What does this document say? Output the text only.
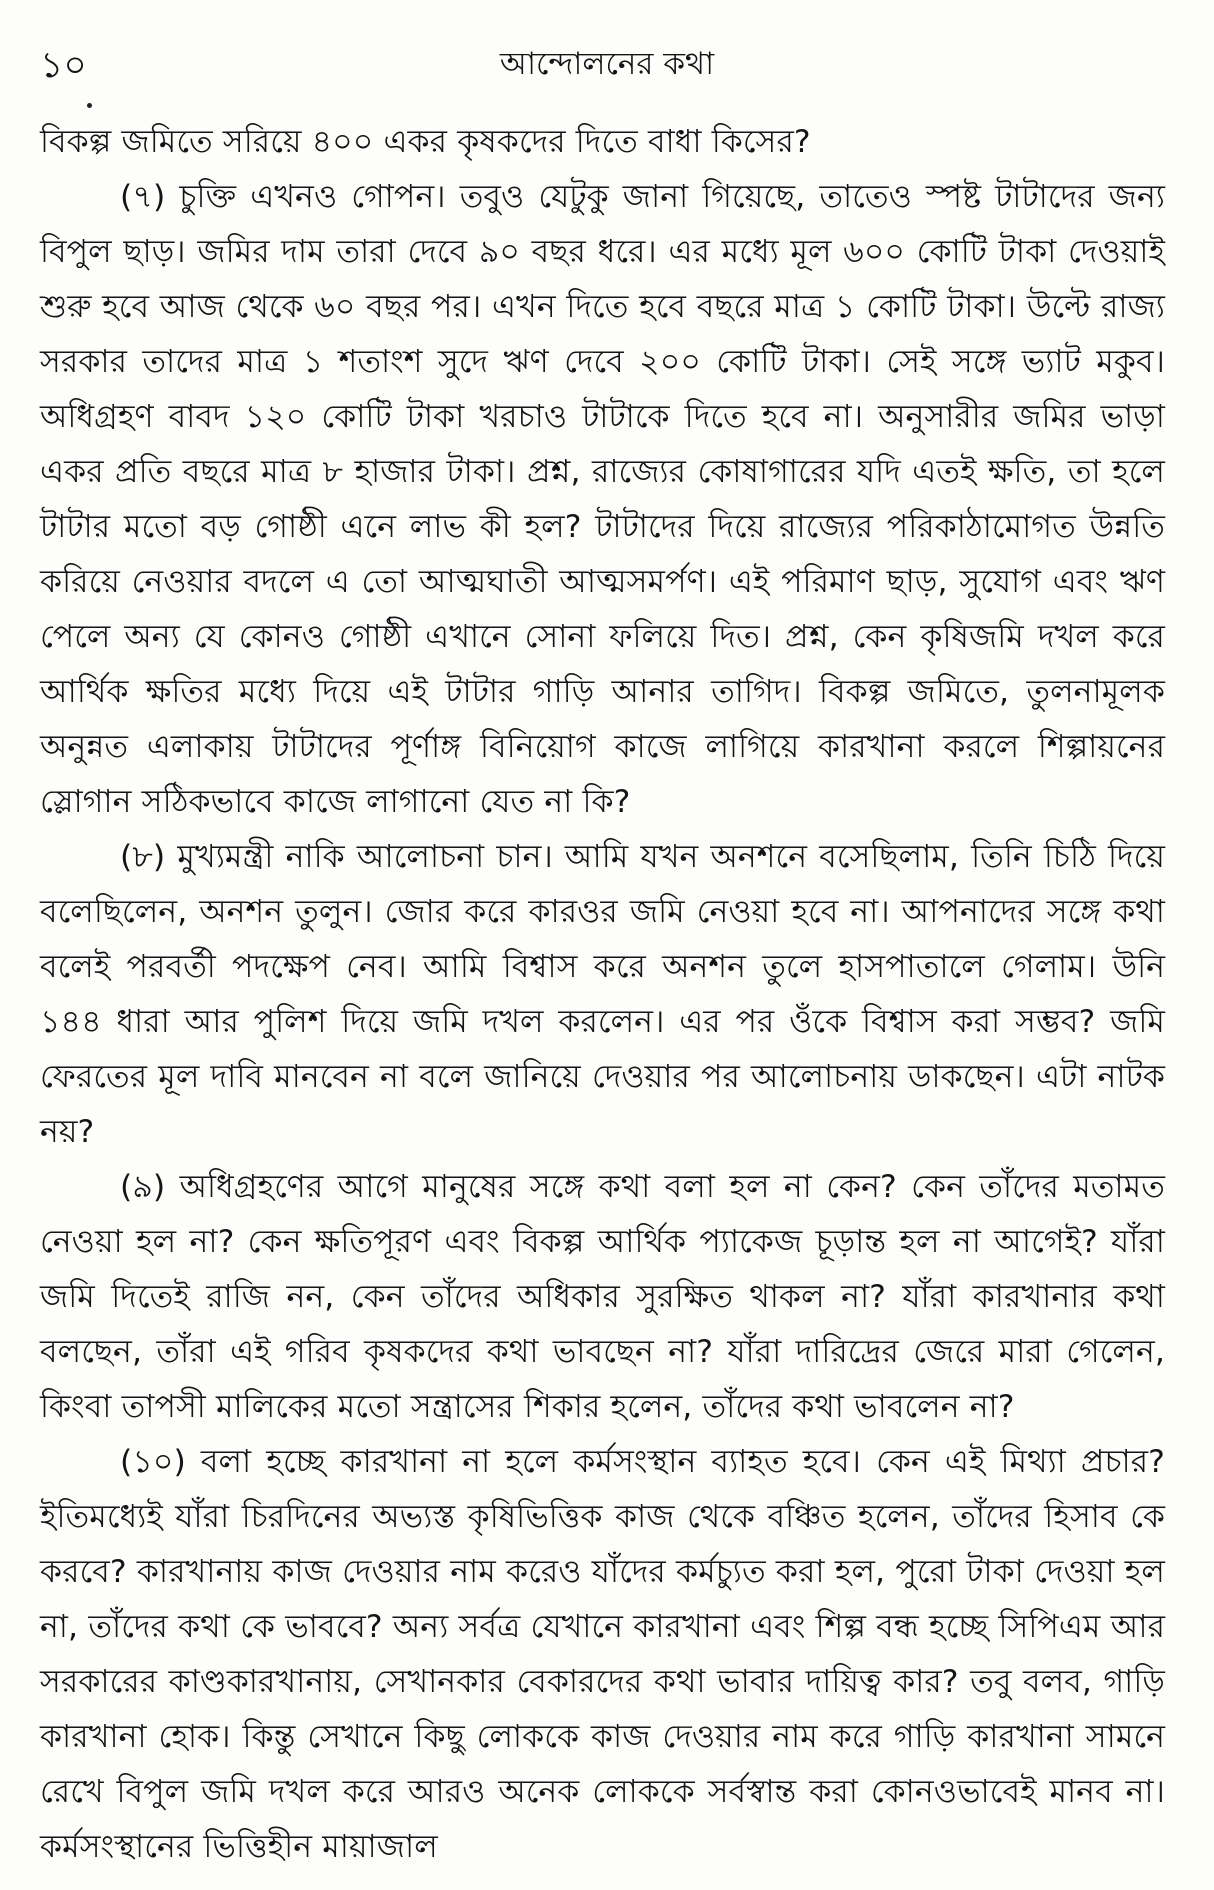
১০	আন্দোলনের কথা

বিকল্প জমিতে সরিয়ে ৪০০ একর কৃষকদের দিতে বাধা কিসের?

(৭) চুক্তি এখনও গোপন। তবুও যেটুকু জানা গিয়েছে, তাতেও স্পষ্ট টাটাদের জন্য বিপুল ছাড়। জমির দাম তারা দেবে ৯০ বছর ধরে। এর মধ্যে মূল ৬০০ কোটি টাকা দেওয়াই শুরু হবে আজ থেকে ৬০ বছর পর। এখন দিতে হবে বছরে মাত্র ১ কোটি টাকা। উল্টে রাজ্য সরকার তাদের মাত্র ১ শতাংশ সুদে ঋণ দেবে ২০০ কোটি টাকা। সেই সঙ্গে ভ্যাট মকুব। অধিগ্রহণ বাবদ ১২০ কোটি টাকা খরচাও টাটাকে দিতে হবে না। অনুসারীর জমির ভাড়া একর প্রতি বছরে মাত্র ৮ হাজার টাকা। প্রশ্ন, রাজ্যের কোষাগারের যদি এতই ক্ষতি, তা হলে টাটার মতো বড় গোষ্ঠী এনে লাভ কী হল? টাটাদের দিয়ে রাজ্যের পরিকাঠামোগত উন্নতি করিয়ে নেওয়ার বদলে এ তো আত্মঘাতী আত্মসমর্পণ। এই পরিমাণ ছাড়, সুযোগ এবং ঋণ পেলে অন্য যে কোনও গোষ্ঠী এখানে সোনা ফলিয়ে দিত। প্রশ্ন, কেন কৃষিজমি দখল করে আর্থিক ক্ষতির মধ্যে দিয়ে এই টাটার গাড়ি আনার তাগিদ। বিকল্প জমিতে, তুলনামূলক অনুন্নত এলাকায় টাটাদের পূর্ণাঙ্গ বিনিয়োগ কাজে লাগিয়ে কারখানা করলে শিল্পায়নের স্লোগান সঠিকভাবে কাজে লাগানো যেত না কি?

(৮) মুখ্যমন্ত্রী নাকি আলোচনা চান। আমি যখন অনশনে বসেছিলাম, তিনি চিঠি দিয়ে বলেছিলেন, অনশন তুলুন। জোর করে কারওর জমি নেওয়া হবে না। আপনাদের সঙ্গে কথা বলেই পরবর্তী পদক্ষেপ নেব। আমি বিশ্বাস করে অনশন তুলে হাসপাতালে গেলাম। উনি ১৪৪ ধারা আর পুলিশ দিয়ে জমি দখল করলেন। এর পর ওঁকে বিশ্বাস করা সম্ভব? জমি ফেরতের মূল দাবি মানবেন না বলে জানিয়ে দেওয়ার পর আলোচনায় ডাকছেন। এটা নাটক নয়?

(৯) অধিগ্রহণের আগে মানুষের সঙ্গে কথা বলা হল না কেন? কেন তাঁদের মতামত নেওয়া হল না? কেন ক্ষতিপূরণ এবং বিকল্প আর্থিক প্যাকেজ চূড়ান্ত হল না আগেই? যাঁরা জমি দিতেই রাজি নন, কেন তাঁদের অধিকার সুরক্ষিত থাকল না? যাঁরা কারখানার কথা বলছেন, তাঁরা এই গরিব কৃষকদের কথা ভাবছেন না? যাঁরা দারিদ্রের জেরে মারা গেলেন, কিংবা তাপসী মালিকের মতো সন্ত্রাসের শিকার হলেন, তাঁদের কথা ভাবলেন না?

(১০) বলা হচ্ছে কারখানা না হলে কর্মসংস্থান ব্যাহত হবে। কেন এই মিথ্যা প্রচার? ইতিমধ্যেই যাঁরা চিরদিনের অভ্যস্ত কৃষিভিত্তিক কাজ থেকে বঞ্চিত হলেন, তাঁদের হিসাব কে করবে? কারখানায় কাজ দেওয়ার নাম করেও যাঁদের কর্মচ্যুত করা হল, পুরো টাকা দেওয়া হল না, তাঁদের কথা কে ভাববে? অন্য সর্বত্র যেখানে কারখানা এবং শিল্প বন্ধ হচ্ছে সিপিএম আর সরকারের কাণ্ডকারখানায়, সেখানকার বেকারদের কথা ভাবার দায়িত্ব কার? তবু বলব, গাড়ি কারখানা হোক। কিন্তু সেখানে কিছু লোককে কাজ দেওয়ার নাম করে গাড়ি কারখানা সামনে রেখে বিপুল জমি দখল করে আরও অনেক লোককে সর্বস্বান্ত করা কোনওভাবেই মানব না। কর্মসংস্থানের ভিত্তিহীন মায়াজাল
